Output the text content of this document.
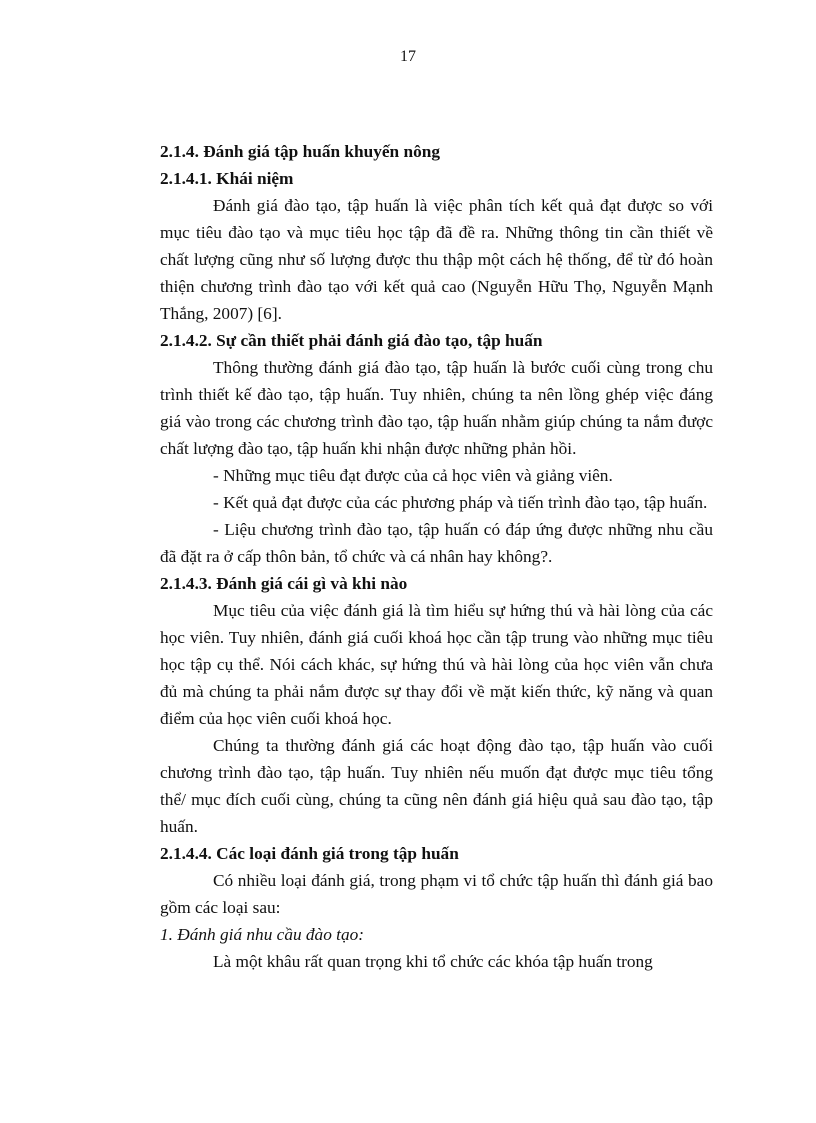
17

2.1.4. Đánh giá tập huấn khuyến nông

2.1.4.1. Khái niệm

Đánh giá đào tạo, tập huấn là việc phân tích kết quả đạt được so với mục tiêu đào tạo và mục tiêu học tập đã đề ra. Những thông tin cần thiết về chất lượng cũng như số lượng được thu thập một cách hệ thống, để từ đó hoàn thiện chương trình đào tạo với kết quả cao (Nguyễn Hữu Thọ, Nguyễn Mạnh Thắng, 2007) [6].

2.1.4.2. Sự cần thiết phải đánh giá đào tạo, tập huấn

Thông thường đánh giá đào tạo, tập huấn là bước cuối cùng trong chu trình thiết kế đào tạo, tập huấn. Tuy nhiên, chúng ta nên lồng ghép việc đáng giá vào trong các chương trình đào tạo, tập huấn nhằm giúp chúng ta nắm được chất lượng đào tạo, tập huấn khi nhận được những phản hồi.

- Những mục tiêu đạt được của cả học viên và giảng viên.

- Kết quả đạt được của các phương pháp và tiến trình đào tạo, tập huấn.

- Liệu chương trình đào tạo, tập huấn có đáp ứng được những nhu cầu đã đặt ra ở cấp thôn bản, tổ chức và cá nhân hay không?.

2.1.4.3. Đánh giá cái gì và khi nào

Mục tiêu của việc đánh giá là tìm hiểu sự hứng thú và hài lòng của các học viên. Tuy nhiên, đánh giá cuối khoá học cần tập trung vào những mục tiêu học tập cụ thể. Nói cách khác, sự hứng thú và hài lòng của học viên vẫn chưa đủ mà chúng ta phải nắm được sự thay đổi về mặt kiến thức, kỹ năng và quan điểm của học viên cuối khoá học.

Chúng ta thường đánh giá các hoạt động đào tạo, tập huấn vào cuối chương trình đào tạo, tập huấn. Tuy nhiên nếu muốn đạt được mục tiêu tổng thể/ mục đích cuối cùng, chúng ta cũng nên đánh giá hiệu quả sau đào tạo, tập huấn.

2.1.4.4. Các loại đánh giá trong tập huấn

Có nhiều loại đánh giá, trong phạm vi tổ chức tập huấn thì đánh giá bao gồm các loại sau:

1. Đánh giá nhu cầu đào tạo:

Là một khâu rất quan trọng khi tổ chức các khóa tập huấn trong
